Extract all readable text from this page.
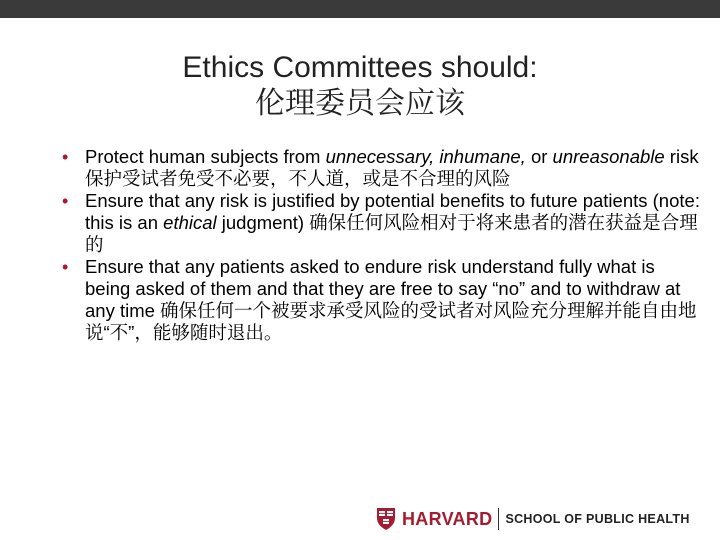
Ethics Committees should:
伦理委员会应该
• Protect human subjects from unnecessary, inhumane, or unreasonable risk 保护受试者免受不必要，不人道，或是不合理的风险
• Ensure that any risk is justified by potential benefits to future patients (note: this is an ethical judgment) 确保任何风险相对于将来患者的潜在获益是合理的
• Ensure that any patients asked to endure risk understand fully what is being asked of them and that they are free to say “no” and to withdraw at any time 确保任何一个被要求承受风险的受试者对风险充分理解并能自由地说“不”，能够随时退出。
HARVARD SCHOOL OF PUBLIC HEALTH
